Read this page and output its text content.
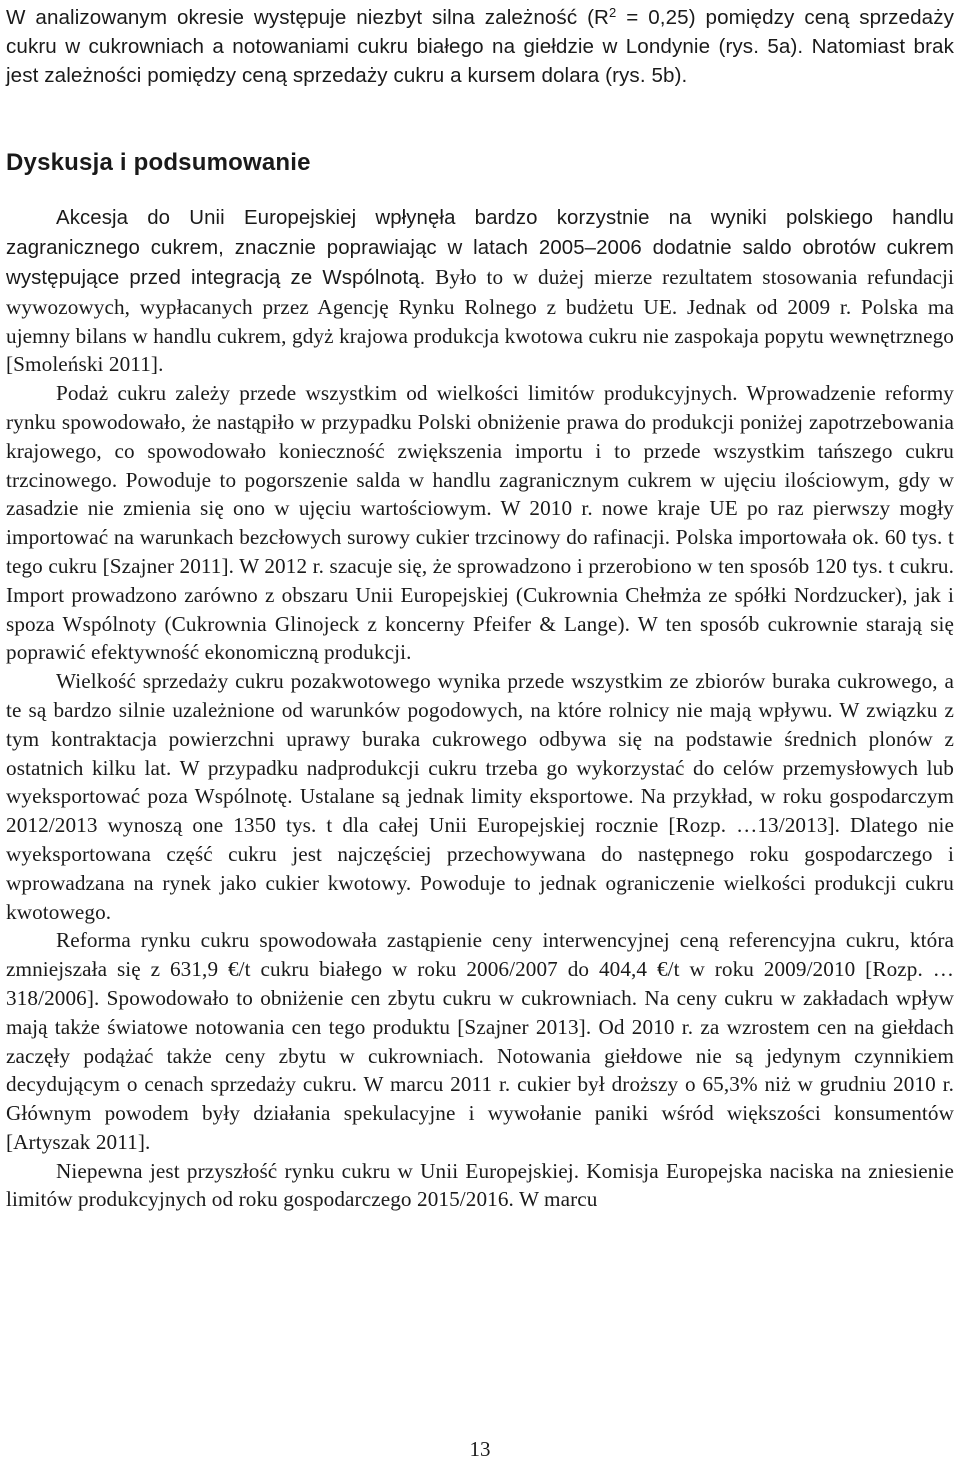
W analizowanym okresie występuje niezbyt silna zależność $(R^2 = 0,25)$ pomiędzy ceną sprzedaży cukru w cukrowniach a notowaniami cukru białego na giełdzie w Londynie (rys. 5a). Natomiast brak jest zależności pomiędzy ceną sprzedaży cukru a kursem dolara (rys. 5b).

Dyskusja i podsumowanie

Akcesja do Unii Europejskiej wpłynęła bardzo korzystnie na wyniki polskiego handlu zagranicznego cukrem, znacznie poprawiając w latach 2005–2006 dodatnie saldo obrotów cukrem występujące przed integracją ze Wspólnotą. Było to w dużej mierze rezultatem stosowania refundacji wywozowych, wypłacanych przez Agencję Rynku Rolnego z budżetu UE. Jednak od 2009 r. Polska ma ujemny bilans w handlu cukrem, gdyż krajowa produkcja kwotowa cukru nie zaspokaja popytu wewnętrznego [Smoleński 2011].

Podaż cukru zależy przede wszystkim od wielkości limitów produkcyjnych. Wprowadzenie reformy rynku spowodowało, że nastąpiło w przypadku Polski obniżenie prawa do produkcji poniżej zapotrzebowania krajowego, co spowodowało konieczność zwiększenia importu i to przede wszystkim tańszego cukru trzcinowego. Powoduje to pogorszenie salda w handlu zagranicznym cukrem w ujęciu ilościowym, gdy w zasadzie nie zmienia się ono w ujęciu wartościowym. W 2010 r. nowe kraje UE po raz pierwszy mogły importować na warunkach bezcłowych surowy cukier trzcinowy do rafinacji. Polska importowała ok. 60 tys. t tego cukru [Szajner 2011]. W 2012 r. szacuje się, że sprowadzono i przerobiono w ten sposób 120 tys. t cukru. Import prowadzono zarówno z obszaru Unii Europejskiej (Cukrownia Chełmża ze spółki Nordzucker), jak i spoza Wspólnoty (Cukrownia Glinojeck z koncerny Pfeifer & Lange). W ten sposób cukrownie starają się poprawić efektywność ekonomiczną produkcji.

Wielkość sprzedaży cukru pozakwotowego wynika przede wszystkim ze zbiorów buraka cukrowego, a te są bardzo silnie uzależnione od warunków pogodowych, na które rolnicy nie mają wpływu. W związku z tym kontraktacja powierzchni uprawy buraka cukrowego odbywa się na podstawie średnich plonów z ostatnich kilku lat. W przypadku nadprodukcji cukru trzeba go wykorzystać do celów przemysłowych lub wyeksportować poza Wspólnotę. Ustalane są jednak limity eksportowe. Na przykład, w roku gospodarczym 2012/2013 wynoszą one 1350 tys. t dla całej Unii Europejskiej rocznie [Rozp. …13/2013]. Dlatego nie wyeksportowana część cukru jest najczęściej przechowywana do następnego roku gospodarczego i wprowadzana na rynek jako cukier kwotowy. Powoduje to jednak ograniczenie wielkości produkcji cukru kwotowego.

Reforma rynku cukru spowodowała zastąpienie ceny interwencyjnej ceną referencyjna cukru, która zmniejszała się z 631,9 €/t cukru białego w roku 2006/2007 do 404,4 €/t w roku 2009/2010 [Rozp. … 318/2006]. Spowodowało to obniżenie cen zbytu cukru w cukrowniach. Na ceny cukru w zakładach wpływ mają także światowe notowania cen tego produktu [Szajner 2013]. Od 2010 r. za wzrostem cen na giełdach zaczęły podążać także ceny zbytu w cukrowniach. Notowania giełdowe nie są jedynym czynnikiem decydującym o cenach sprzedaży cukru. W marcu 2011 r. cukier był droższy o 65,3% niż w grudniu 2010 r. Głównym powodem były działania spekulacyjne i wywołanie paniki wśród większości konsumentów [Artyszak 2011].

Niepewna jest przyszłość rynku cukru w Unii Europejskiej. Komisja Europejska naciska na zniesienie limitów produkcyjnych od roku gospodarczego 2015/2016. W marcu

13
